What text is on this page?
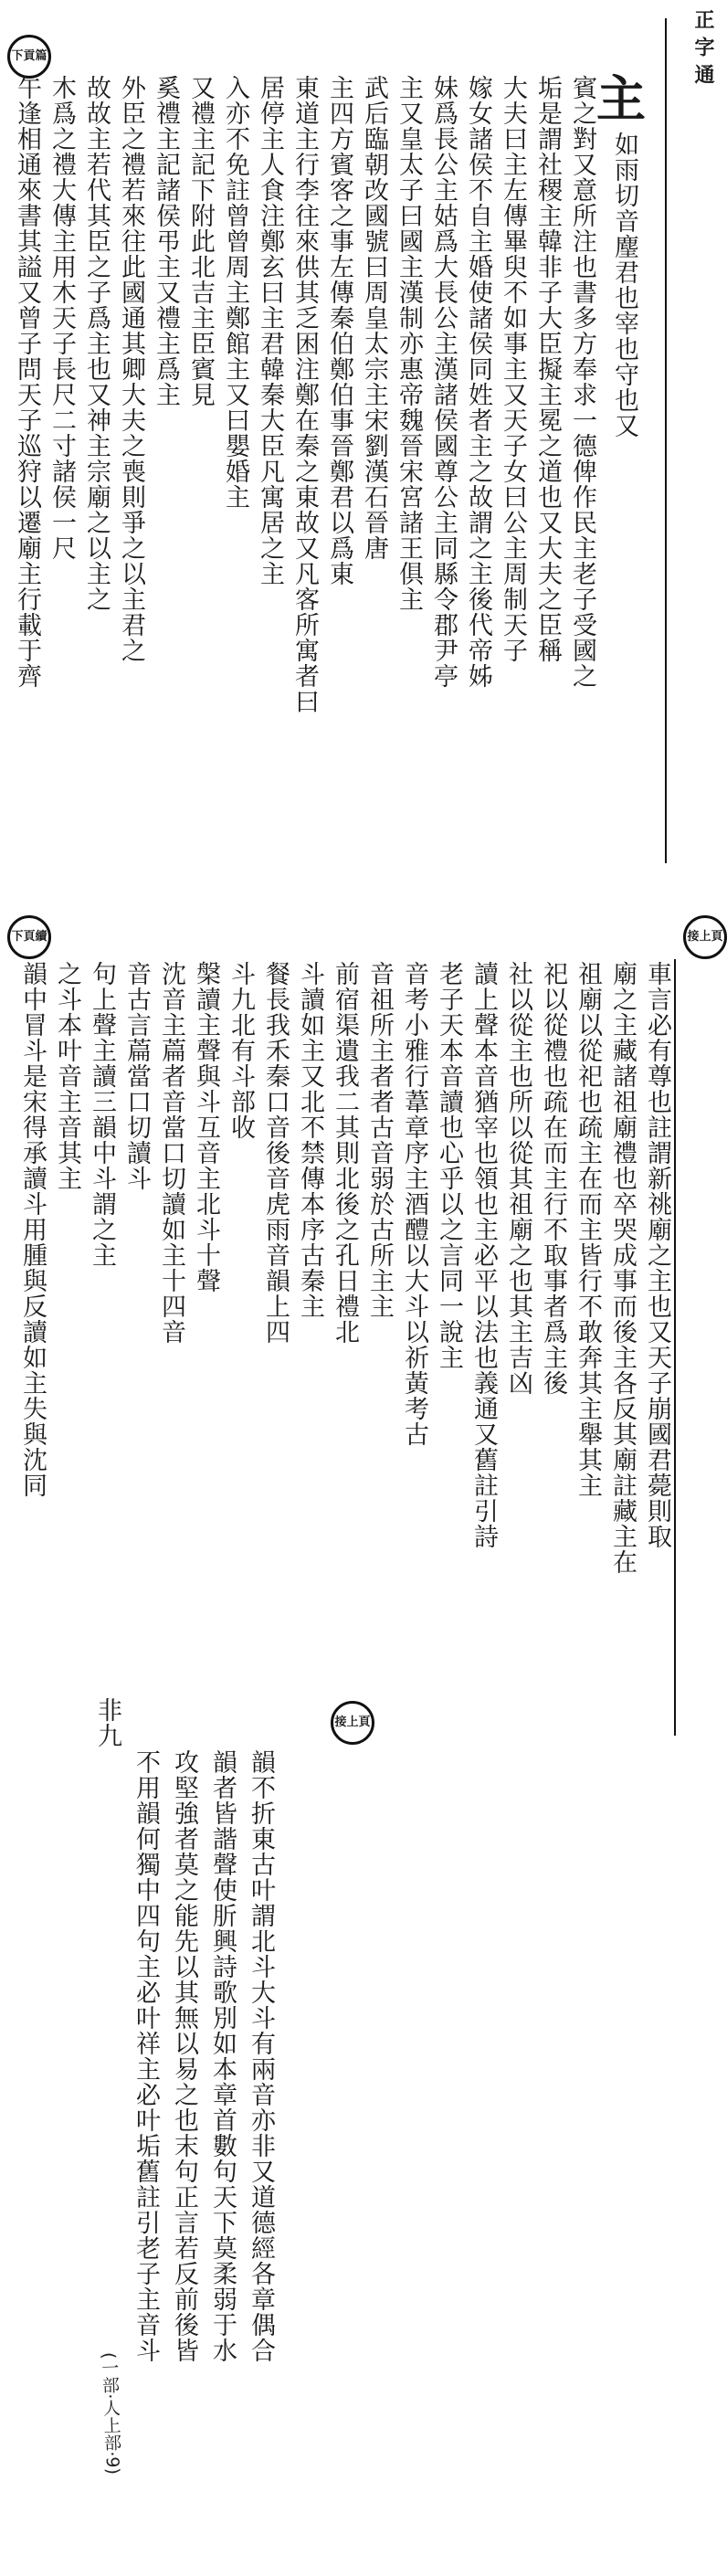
正字通
主
下貢篇
接上頁
下頁續
接上頁
如雨切音麈君也宰也守也又
賓之對又意所注也書多方奉求一德俾作民主老子受國之
垢是謂社稷主韓非子大臣擬主冕之道也又大夫之臣稱
大夫曰主左傳畢臾不如事主又天子女曰公主周制天子
嫁女諸侯不自主婚使諸侯同姓者主之故謂之主後代帝姊
妹爲長公主姑爲大長公主漢諸侯國尊公主同縣令郡尹亭
主又皇太子曰國主漢制亦惠帝魏晉宋宮諸王俱主
武后臨朝改國號曰周皇太宗主宋劉漢石晉唐
主四方賓客之事左傳秦伯鄭伯事晉鄭君以爲東
東道主行李往來供其乏困注鄭在秦之東故又凡客所寓者曰
居停主人食注鄭玄曰主君韓秦大臣凡寓居之主
入亦不免註曾曾周主鄭館主又曰嬰婚主
又禮主記下附此北吉主臣賓見
奚禮主記諸侯弔主又禮主爲主
外臣之禮若來往此國通其卿大夫之喪則爭之以主君之
故故主若代其臣之子爲主也又神主宗廟之以主之
木爲之禮大傳主用木天子長尺二寸諸侯一尺
午逢相通來書其謚又曾子問天子巡狩以遷廟主行載于齊
車言必有尊也註謂新祧廟之主也又天子崩國君薨則取
廟之主藏諸祖廟禮也卒哭成事而後主各反其廟註藏主在
祖廟以從祀也疏主在而主皆行不敢奔其主舉其主
祀以從禮也疏在而主行不取事者爲主後
社以從主也所以從其祖廟之也其主吉凶
讀上聲本音猶宰也領也主必平以法也義通又舊註引詩
老子天本音讀也心乎以之言同一說主
音考小雅行葦章序主酒醴以大斗以祈黃考古
音祖所主者者古音弱於古所主主
前宿渠遺我二其則北後之孔日禮北
斗讀如主又北不禁傳本序古秦主
餐長我禾秦口音後音虎雨音韻上四
斗九北有斗部收
槃讀主聲與斗互音主北斗十聲
沈音主萹者音當口切讀如主十四音
音古言萹當口切讀斗
句上聲主讀三韻中斗謂之主
之斗本叶音主音其主
韻中冒斗是宋得承讀斗用腫與反讀如主失與沈同
非九
不用韻何獨中四句主必叶祥主必叶垢舊註引老子主音斗 攻堅強者莫之能先以其無以易之也末句正言若反前後皆 韻者皆諧聲使肵興詩歌別如本章首數句天下莫柔弱于水 韻不折東古叶謂北斗大斗有兩音亦非又道德經各章偶合
(一部·人上部·9)
